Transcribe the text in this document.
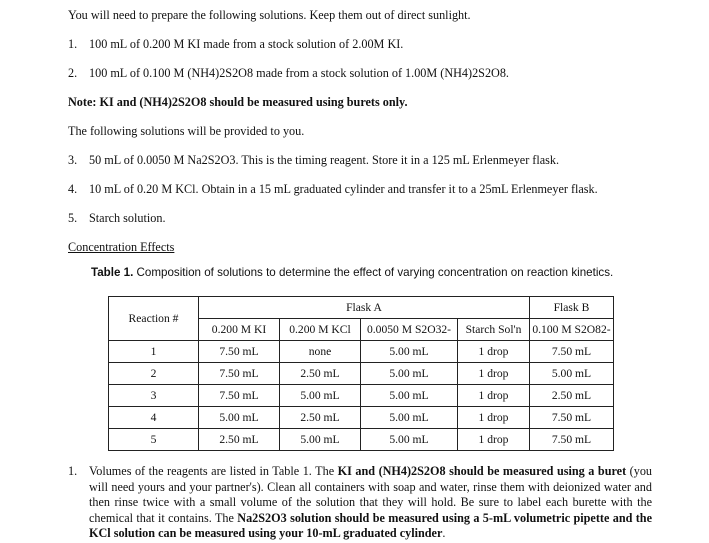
You will need to prepare the following solutions. Keep them out of direct sunlight.
1. 100 mL of 0.200 M KI made from a stock solution of 2.00M KI.
2. 100 mL of 0.100 M (NH4)2S2O8 made from a stock solution of 1.00M (NH4)2S2O8.
Note: KI and (NH4)2S2O8 should be measured using burets only.
The following solutions will be provided to you.
3. 50 mL of 0.0050 M Na2S2O3. This is the timing reagent. Store it in a 125 mL Erlenmeyer flask.
4. 10 mL of 0.20 M KCl. Obtain in a 15 mL graduated cylinder and transfer it to a 25mL Erlenmeyer flask.
5. Starch solution.
Concentration Effects
Table 1. Composition of solutions to determine the effect of varying concentration on reaction kinetics.
Reaction #	Flask A				Flask B
	0.200 M KI	0.200 M KCl	0.0050 M S2O32-	Starch Sol'n	0.100 M S2O82-
1	7.50 mL	none	5.00 mL	1 drop	7.50 mL
2	7.50 mL	2.50 mL	5.00 mL	1 drop	5.00 mL
3	7.50 mL	5.00 mL	5.00 mL	1 drop	2.50 mL
4	5.00 mL	2.50 mL	5.00 mL	1 drop	7.50 mL
5	2.50 mL	5.00 mL	5.00 mL	1 drop	7.50 mL
1. Volumes of the reagents are listed in Table 1. The KI and (NH4)2S2O8 should be measured using a buret (you will need yours and your partner's). Clean all containers with soap and water, rinse them with deionized water and then rinse twice with a small volume of the solution that they will hold. Be sure to label each burette with the chemical that it contains. The Na2S2O3 solution should be measured using a 5-mL volumetric pipette and the KCl solution can be measured using your 10-mL graduated cylinder.
